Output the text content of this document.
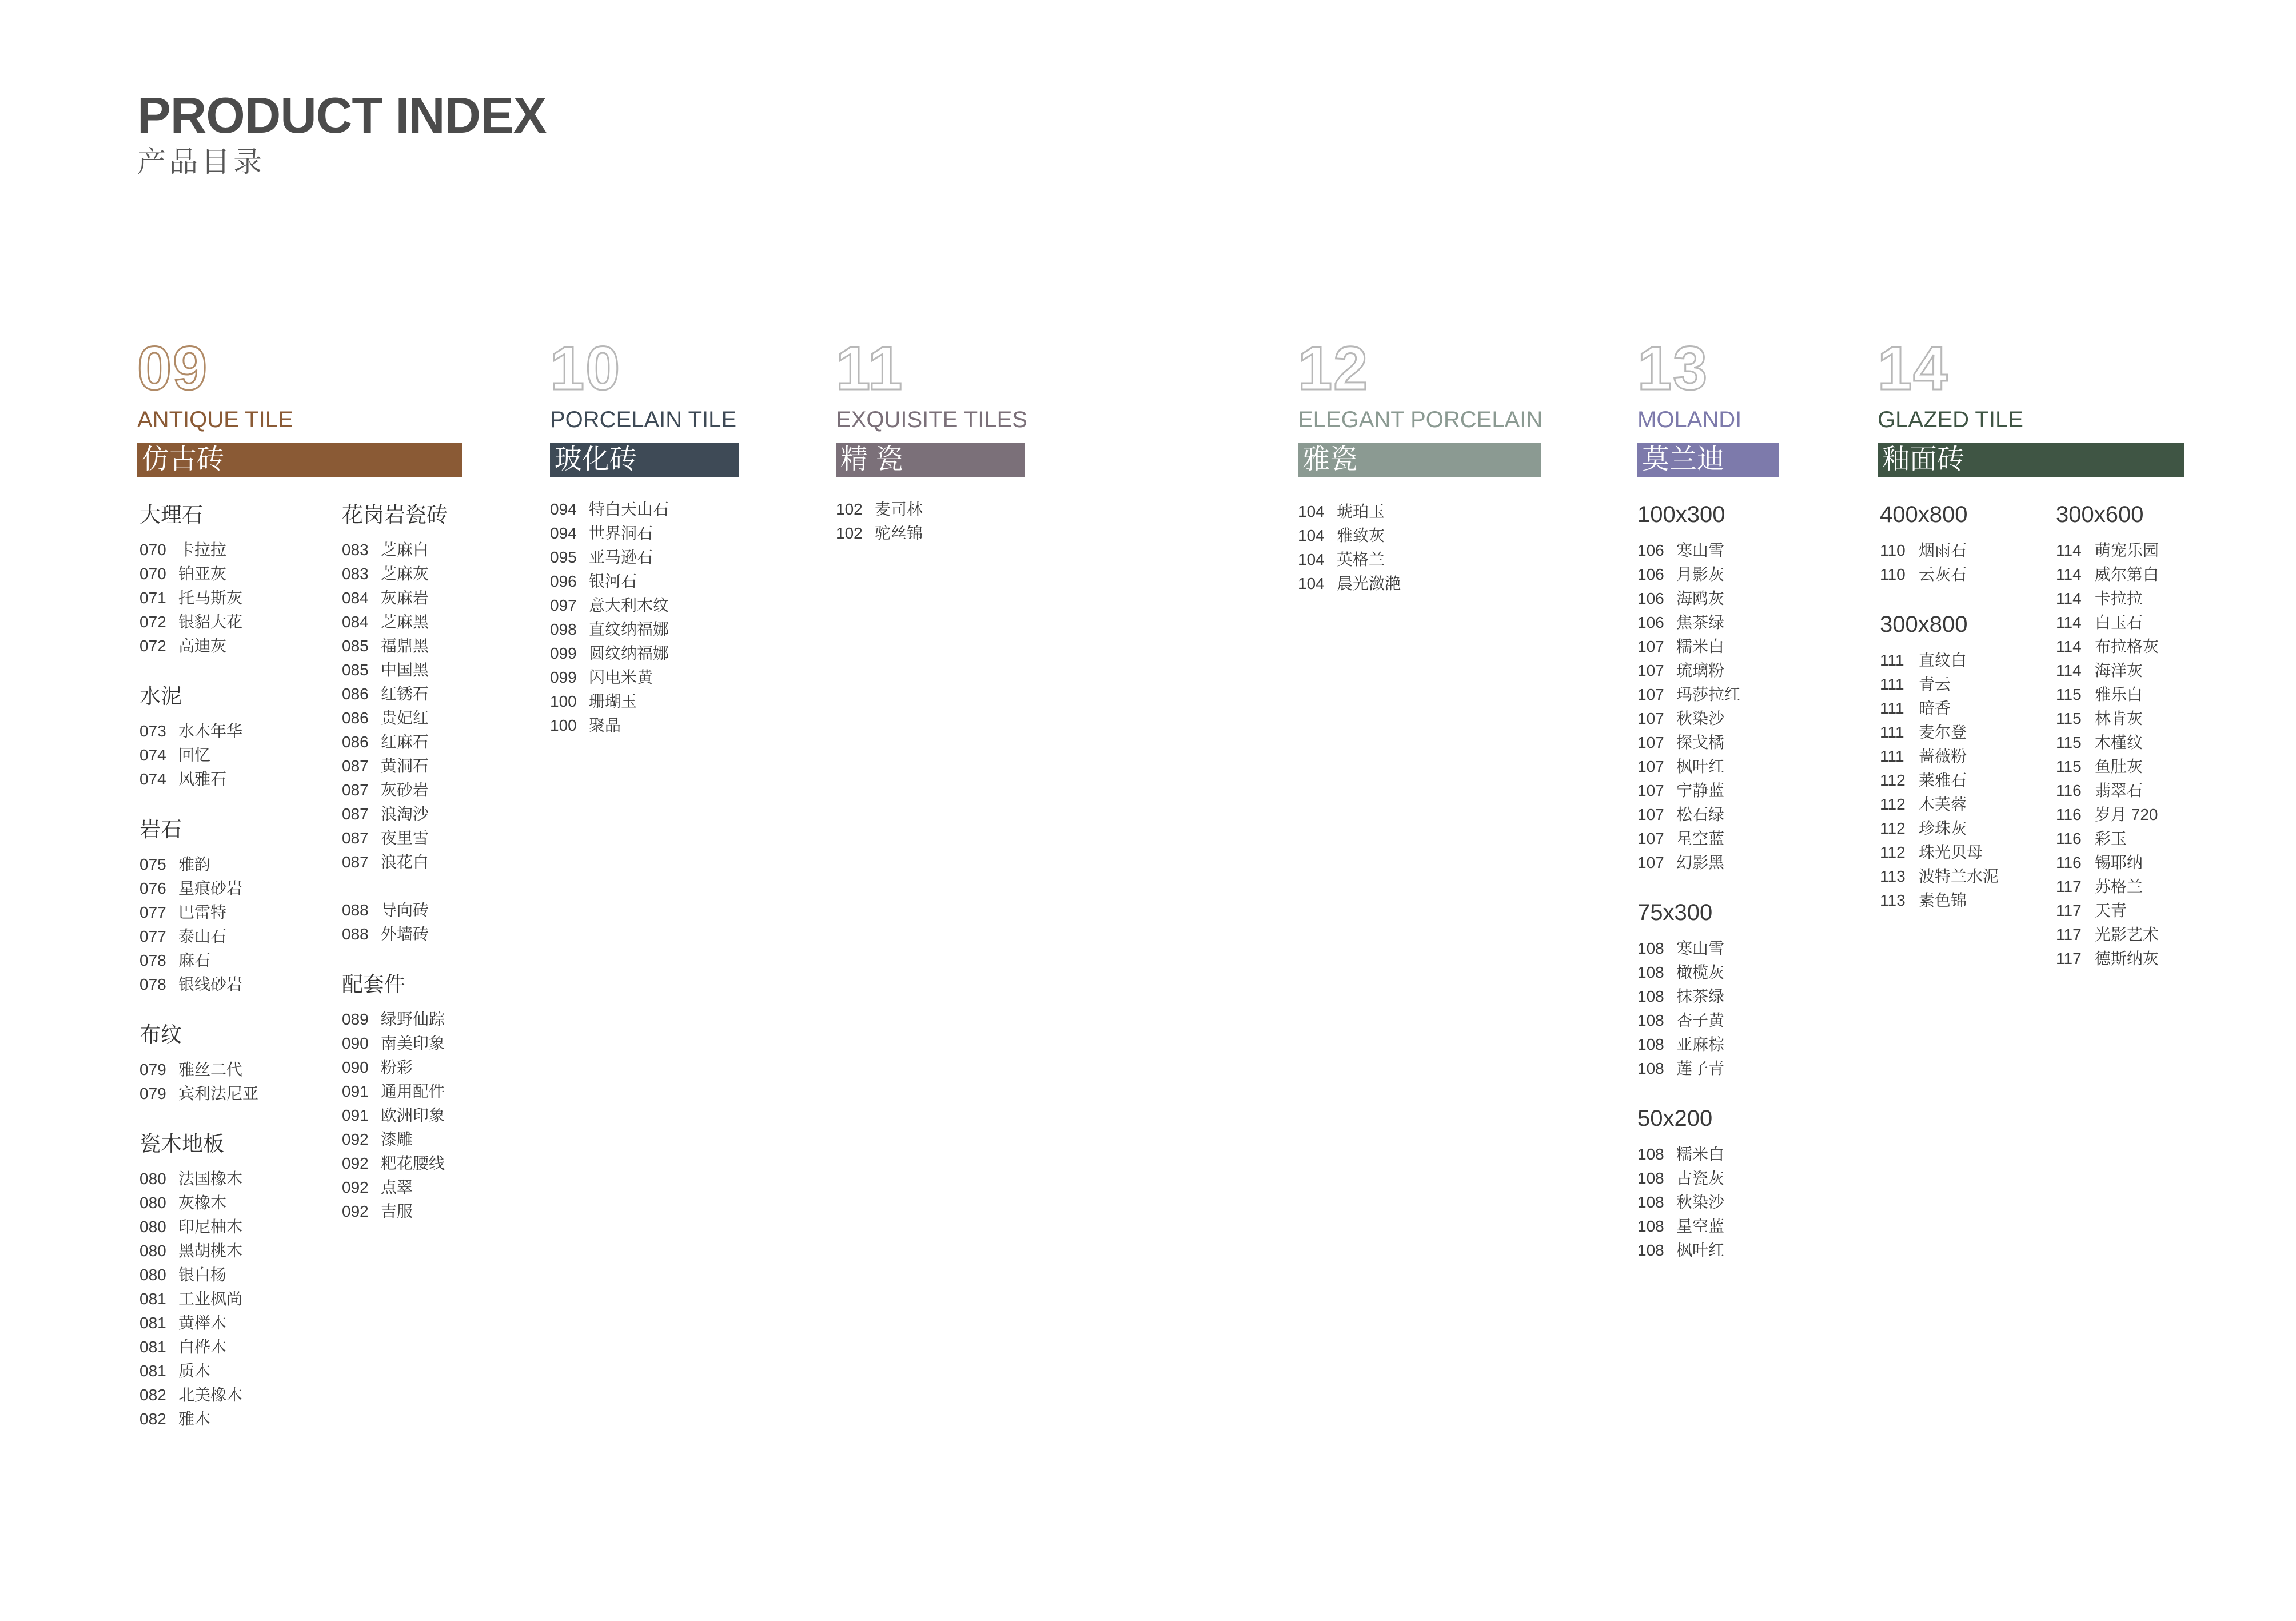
PRODUCT INDEX
产品目录
09
ANTIQUE TILE
仿古砖
10
PORCELAIN TILE
玻化砖
11
EXQUISITE TILES
精 瓷
12
ELEGANT PORCELAIN
雅瓷
13
MOLANDI
莫兰迪
14
GLAZED TILE
釉面砖
大理石
070 卡拉拉
070 铂亚灰
071 托马斯灰
072 银貂大花
072 高迪灰
水泥
073 水木年华
074 回忆
074 风雅石
岩石
075 雅韵
076 星痕砂岩
077 巴雷特
077 泰山石
078 麻石
078 银线砂岩
布纹
079 雅丝二代
079 宾利法尼亚
瓷木地板
080 法国橡木
080 灰橡木
080 印尼柚木
080 黑胡桃木
080 银白杨
081 工业枫尚
081 黄榉木
081 白桦木
081 质木
082 北美橡木
082 雅木
花岗岩瓷砖
083 芝麻白
083 芝麻灰
084 灰麻岩
084 芝麻黑
085 福鼎黑
085 中国黑
086 红锈石
086 贵妃红
086 红麻石
087 黄洞石
087 灰砂岩
087 浪淘沙
087 夜里雪
087 浪花白
088 导向砖
088 外墙砖
配套件
089 绿野仙踪
090 南美印象
090 粉彩
091 通用配件
091 欧洲印象
092 漆雕
092 粑花腰线
092 点翠
092 吉服
094 特白天山石
094 世界洞石
095 亚马逊石
096 银河石
097 意大利木纹
098 直纹纳福娜
099 圆纹纳福娜
099 闪电米黄
100 珊瑚玉
100 聚晶
102 麦司林
102 驼丝锦
104 琥珀玉
104 雅致灰
104 英格兰
104 晨光潋滟
100x300
106 寒山雪
106 月影灰
106 海鸥灰
106 焦茶绿
107 糯米白
107 琉璃粉
107 玛莎拉红
107 秋染沙
107 探戈橘
107 枫叶红
107 宁静蓝
107 松石绿
107 星空蓝
107 幻影黑
75x300
108 寒山雪
108 橄榄灰
108 抹茶绿
108 杏子黄
108 亚麻棕
108 莲子青
50x200
108 糯米白
108 古瓷灰
108 秋染沙
108 星空蓝
108 枫叶红
400x800
110 烟雨石
110 云灰石
300x800
111 直纹白
111 青云
111 暗香
111 麦尔登
111 蔷薇粉
112 莱雅石
112 木芙蓉
112 珍珠灰
112 珠光贝母
113 波特兰水泥
113 素色锦
300x600
114 萌宠乐园
114 威尔第白
114 卡拉拉
114 白玉石
114 布拉格灰
114 海洋灰
115 雅乐白
115 林肯灰
115 木槿纹
115 鱼肚灰
116 翡翠石
116 岁月 720
116 彩玉
116 锡耶纳
117 苏格兰
117 天青
117 光影艺术
117 德斯纳灰
